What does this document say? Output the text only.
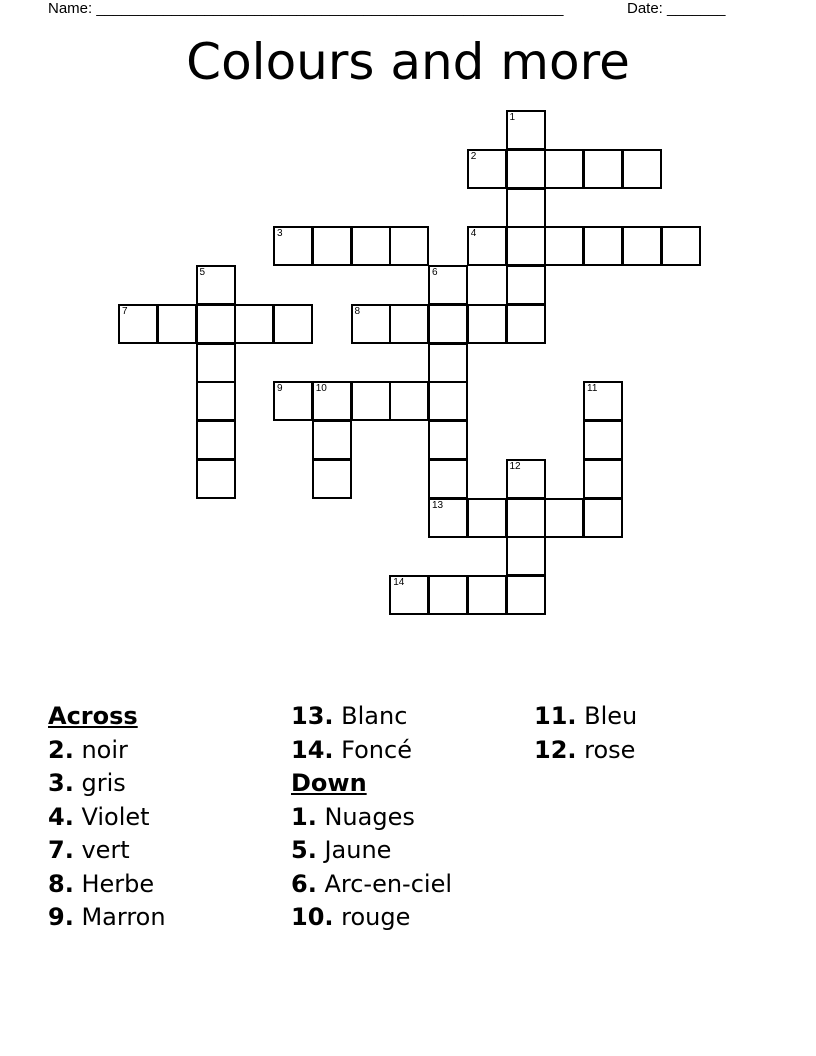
Name: ________________________________________________________	Date: _______
Colours and more
2
3	4
7	8
9	10
13
14
1
5	6
11
12
Across
2. noir
3. gris
4. Violet
7. vert
8. Herbe
9. Marron
13. Blanc
14. Foncé
Down
1. Nuages
5. Jaune
6. Arc-en-ciel
10. rouge
11. Bleu
12. rose
